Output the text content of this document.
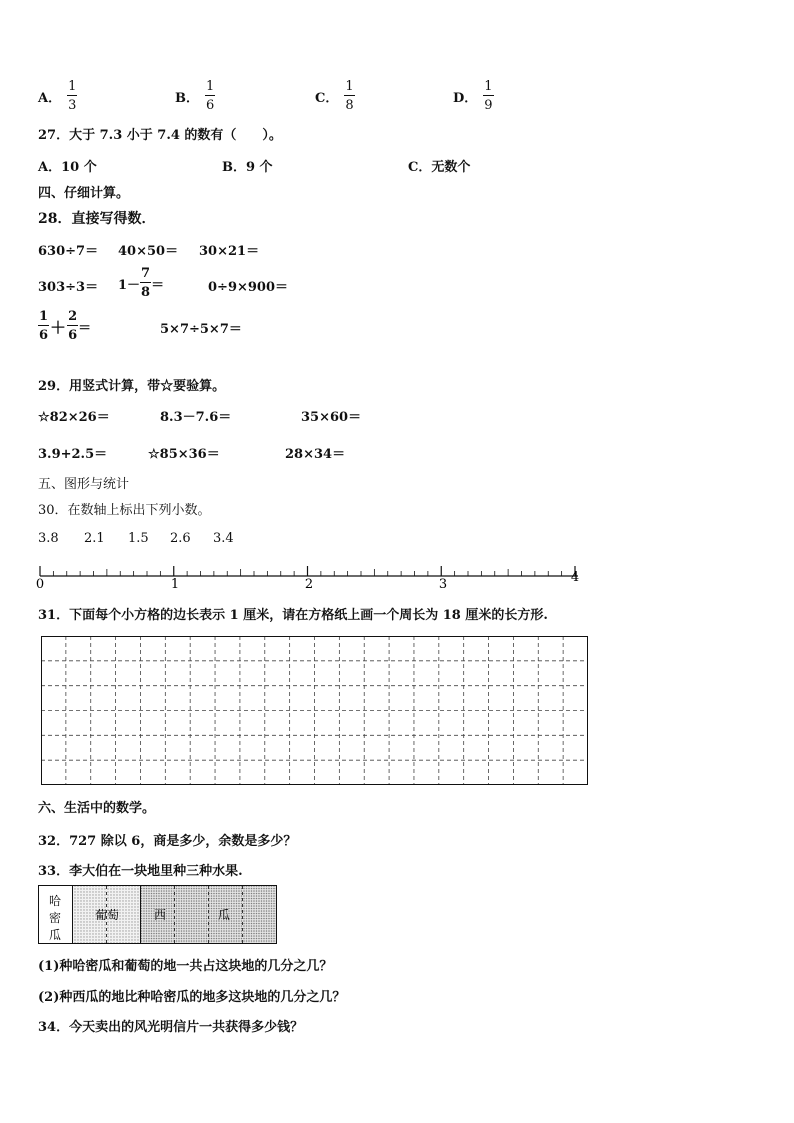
A． $\frac{1}{3}$	B． $\frac{1}{6}$	C． $\frac{1}{8}$	D． $\frac{1}{9}$
27．大于 7.3 小于 7.4 的数有（　　）。
A．10 个	B．9 个	C．无数个
四、仔细计算。
28．直接写得数．
630÷7＝ 40×50＝ 30×21＝
$303\div 3= 1- \frac{7}{8}$ ＝	0÷9×900＝
$\frac{1}{6} + \frac{2}{6}$ ＝	5×7÷5×7＝
29．用竖式计算，带☆要验算。
☆82×26＝	8.3－7.6＝	35×60＝
3.9+2.5＝	☆85×36＝	28×34＝
五、图形与统计
30．在数轴上标出下列小数。
3.8 2.1 1.5 2.6 3.4
0	1	2	3	4
31．下面每个小方格的边长表示 1 厘米，请在方格纸上画一个周长为 18 厘米的长方形.
六、生活中的数学。
32．727 除以 6，商是多少，余数是多少？
33．李大伯在一块地里种三种水果.
哈密瓜
葡萄	西	瓜
(1)种哈密瓜和葡萄的地一共占这块地的几分之几？
(2)种西瓜的地比种哈密瓜的地多这块地的几分之几？
34．今天卖出的风光明信片一共获得多少钱？
